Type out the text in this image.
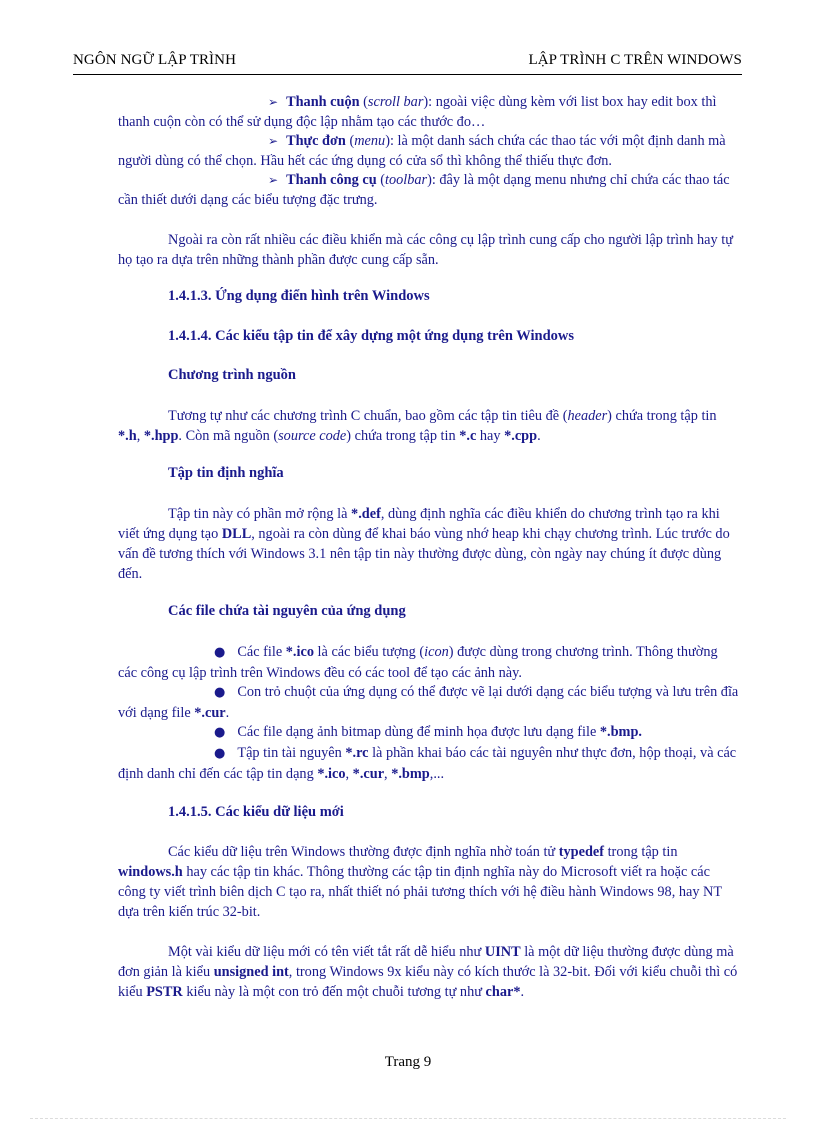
NGÔN NGỮ LẬP TRÌNH	LẬP TRÌNH C TRÊN WINDOWS

➢ Thanh cuộn (scroll bar): ngoài việc dùng kèm với list box hay edit box thì thanh cuộn còn có thể sử dụng độc lập nhằm tạo các thước đo…

➢ Thực đơn (menu): là một danh sách chứa các thao tác với một định danh mà người dùng có thể chọn. Hầu hết các ứng dụng có cửa sổ thì không thể thiếu thực đơn.

➢ Thanh công cụ (toolbar): đây là một dạng menu nhưng chỉ chứa các thao tác cần thiết dưới dạng các biểu tượng đặc trưng.

Ngoài ra còn rất nhiều các điều khiển mà các công cụ lập trình cung cấp cho người lập trình hay tự họ tạo ra dựa trên những thành phần được cung cấp sẵn.

1.4.1.3. Ứng dụng điển hình trên Windows

1.4.1.4. Các kiểu tập tin để xây dựng một ứng dụng trên Windows

Chương trình nguồn

Tương tự như các chương trình C chuẩn, bao gồm các tập tin tiêu đề (header) chứa trong tập tin *.h, *.hpp. Còn mã nguồn (source code) chứa trong tập tin *.c hay *.cpp.

Tập tin định nghĩa

Tập tin này có phần mở rộng là *.def, dùng định nghĩa các điều khiển do chương trình tạo ra khi viết ứng dụng tạo DLL, ngoài ra còn dùng để khai báo vùng nhớ heap khi chạy chương trình. Lúc trước do vấn đề tương thích với Windows 3.1 nên tập tin này thường được dùng, còn ngày nay chúng ít được dùng đến.

Các file chứa tài nguyên của ứng dụng

● Các file *.ico là các biểu tượng (icon) được dùng trong chương trình. Thông thường các công cụ lập trình trên Windows đều có các tool để tạo các ảnh này.

● Con trỏ chuột của ứng dụng có thể được vẽ lại dưới dạng các biểu tượng và lưu trên đĩa với dạng file *.cur.

● Các file dạng ảnh bitmap dùng để minh họa được lưu dạng file *.bmp.

● Tập tin tài nguyên *.rc là phần khai báo các tài nguyên như thực đơn, hộp thoại, và các định danh chỉ đến các tập tin dạng *.ico, *.cur, *.bmp,...

1.4.1.5. Các kiểu dữ liệu mới

Các kiểu dữ liệu trên Windows thường được định nghĩa nhờ toán tử typedef trong tập tin windows.h hay các tập tin khác. Thông thường các tập tin định nghĩa này do Microsoft viết ra hoặc các công ty viết trình biên dịch C tạo ra, nhất thiết nó phải tương thích với hệ điều hành Windows 98, hay NT dựa trên kiến trúc 32-bit.

Một vài kiểu dữ liệu mới có tên viết tắt rất dễ hiểu như UINT là một dữ liệu thường được dùng mà đơn giản là kiểu unsigned int, trong Windows 9x kiểu này có kích thước là 32-bit. Đối với kiểu chuỗi thì có kiểu PSTR kiểu này là một con trỏ đến một chuỗi tương tự như char*.

Trang 9
